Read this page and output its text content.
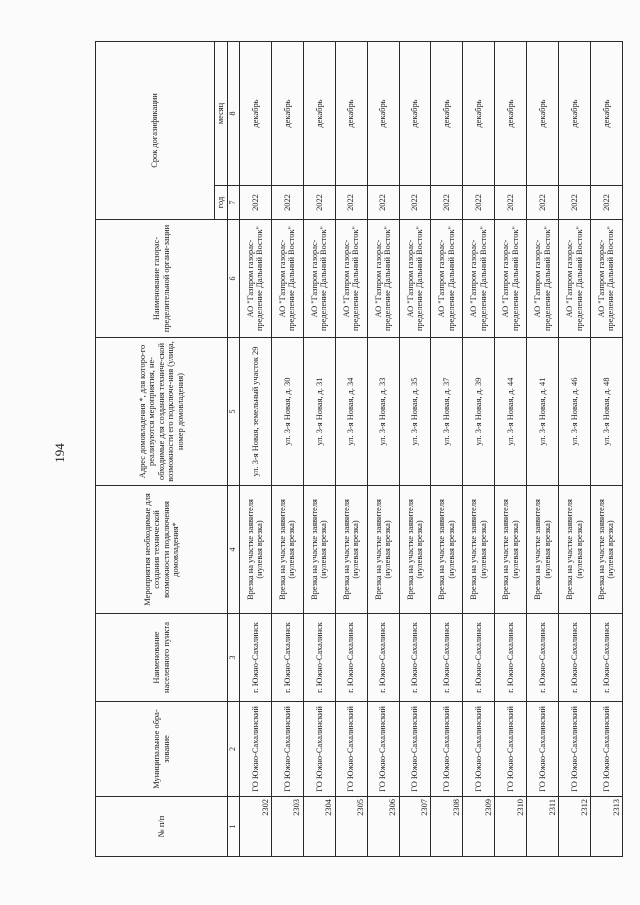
194
№ п/п	Муниципальное обра-зование	Наименование населенного пункта	Мероприятия необходимые для создания технической возможности подключения домовладения*	Адрес домовладения *, для которо-го реализуются мероприятия, не-обходимые для создания техниче-ской возможности его подключе-ния (улица, номер домовладения)	Наименование газорас-пределительной органи-зации	Срок догазификации	
						год	месяц
1	2	3	4	5	6	7	8
2302	ГО Южно-Сахалинский	г. Южно-Сахалинск	Врезка на участке заявителя (нулевая врезка)	ул. 3-я Новая, земельный участок 29	АО "Газпром газорас-пределение Дальний Восток"	2022	декабрь
2303	ГО Южно-Сахалинский	г. Южно-Сахалинск	Врезка на участке заявителя (нулевая врезка)	ул. 3-я Новая, д. 30	АО "Газпром газорас-пределение Дальний Восток"	2022	декабрь
2304	ГО Южно-Сахалинский	г. Южно-Сахалинск	Врезка на участке заявителя (нулевая врезка)	ул. 3-я Новая, д. 31	АО "Газпром газорас-пределение Дальний Восток"	2022	декабрь
2305	ГО Южно-Сахалинский	г. Южно-Сахалинск	Врезка на участке заявителя (нулевая врезка)	ул. 3-я Новая, д. 34	АО "Газпром газорас-пределение Дальний Восток"	2022	декабрь
2306	ГО Южно-Сахалинский	г. Южно-Сахалинск	Врезка на участке заявителя (нулевая врезка)	ул. 3-я Новая, д. 33	АО "Газпром газорас-пределение Дальний Восток"	2022	декабрь
2307	ГО Южно-Сахалинский	г. Южно-Сахалинск	Врезка на участке заявителя (нулевая врезка)	ул. 3-я Новая, д. 35	АО "Газпром газорас-пределение Дальний Восток"	2022	декабрь
2308	ГО Южно-Сахалинский	г. Южно-Сахалинск	Врезка на участке заявителя (нулевая врезка)	ул. 3-я Новая, д. 37	АО "Газпром газорас-пределение Дальний Восток"	2022	декабрь
2309	ГО Южно-Сахалинский	г. Южно-Сахалинск	Врезка на участке заявителя (нулевая врезка)	ул. 3-я Новая, д. 39	АО "Газпром газорас-пределение Дальний Восток"	2022	декабрь
2310	ГО Южно-Сахалинский	г. Южно-Сахалинск	Врезка на участке заявителя (нулевая врезка)	ул. 3-я Новая, д. 44	АО "Газпром газорас-пределение Дальний Восток"	2022	декабрь
2311	ГО Южно-Сахалинский	г. Южно-Сахалинск	Врезка на участке заявителя (нулевая врезка)	ул. 3-я Новая, д. 41	АО "Газпром газорас-пределение Дальний Восток"	2022	декабрь
2312	ГО Южно-Сахалинский	г. Южно-Сахалинск	Врезка на участке заявителя (нулевая врезка)	ул. 3-я Новая, д. 46	АО "Газпром газорас-пределение Дальний Восток"	2022	декабрь
2313	ГО Южно-Сахалинский	г. Южно-Сахалинск	Врезка на участке заявителя (нулевая врезка)	ул. 3-я Новая, д. 48	АО "Газпром газорас-пределение Дальний Восток"	2022	декабрь
